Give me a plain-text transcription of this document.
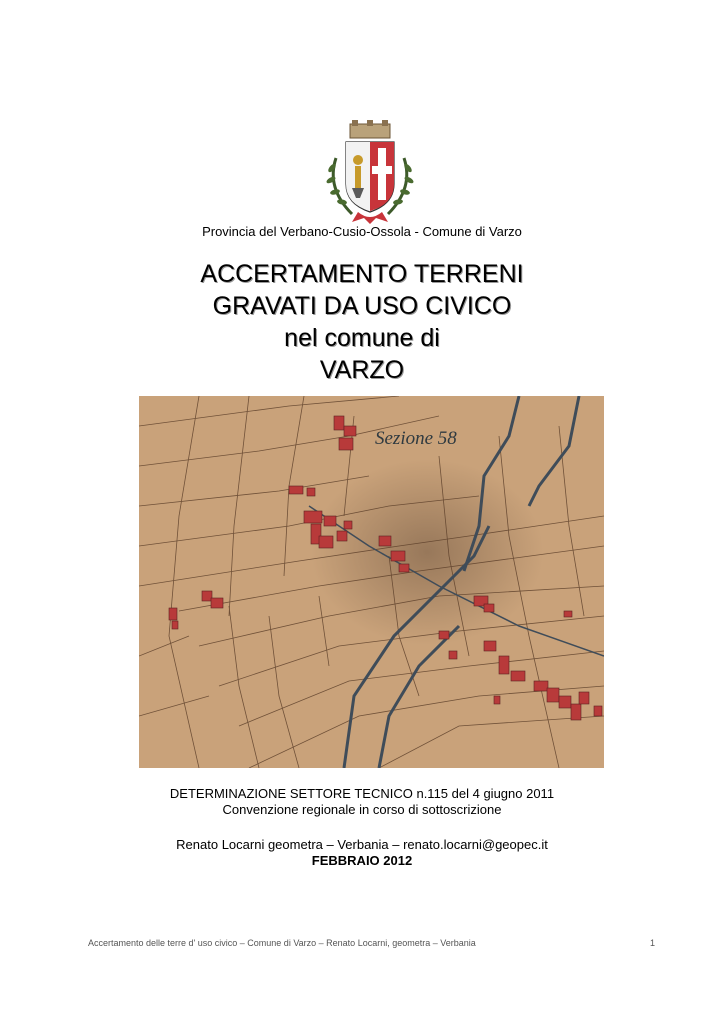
Provincia del Verbano-Cusio-Ossola - Comune di Varzo
ACCERTAMENTO TERRENI
GRAVATI DA USO CIVICO
nel comune di
VARZO
Sezione 58
DETERMINAZIONE SETTORE TECNICO n.115 del 4 giugno 2011
Convenzione regionale in corso di sottoscrizione
Renato Locarni geometra – Verbania – renato.locarni@geopec.it
FEBBRAIO 2012
Accertamento delle terre d' uso civico – Comune di Varzo – Renato Locarni, geometra – Verbania	1
